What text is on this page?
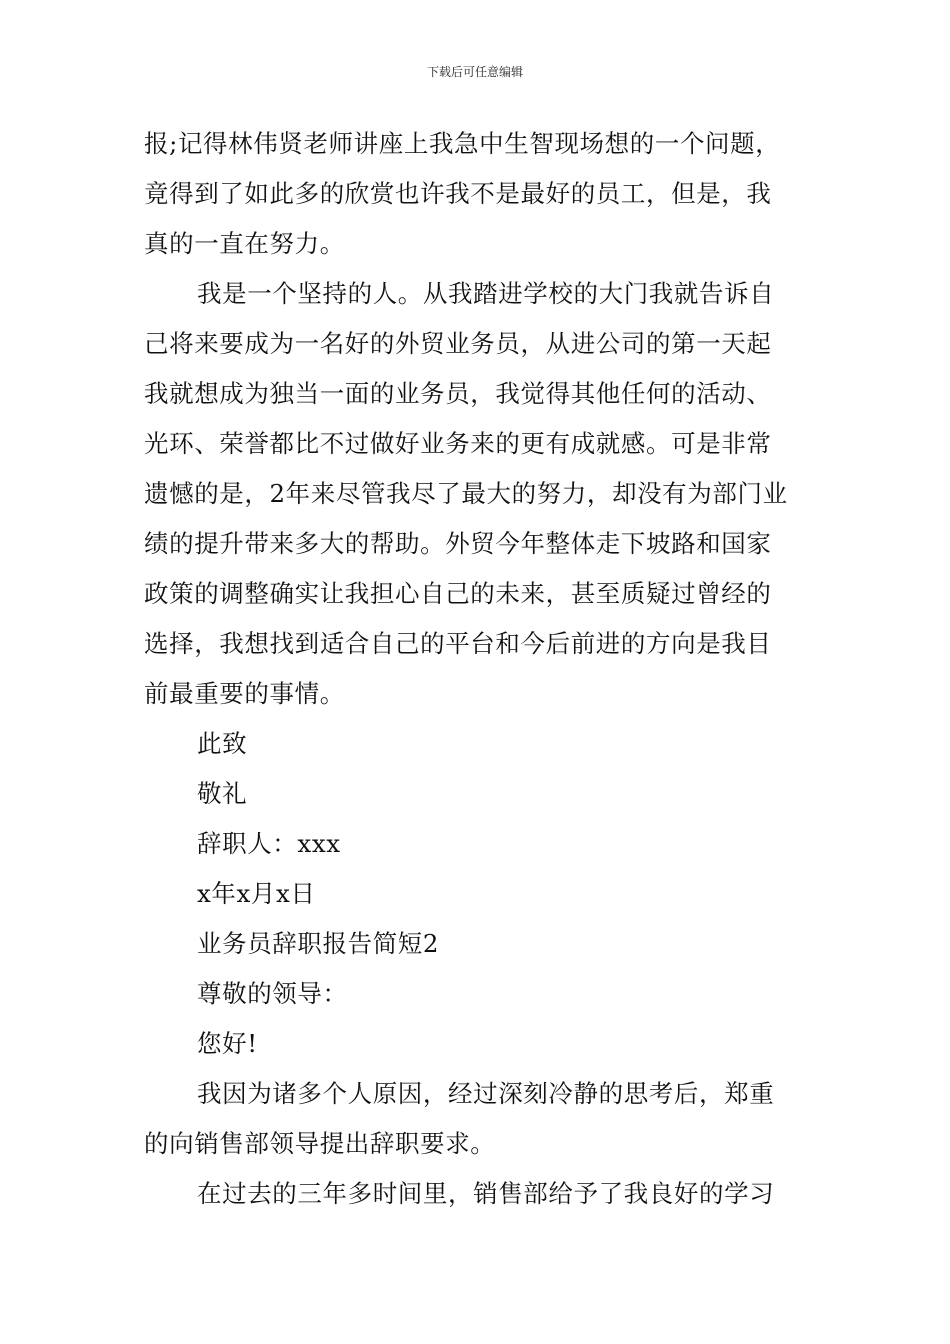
下载后可任意编辑
报;记得林伟贤老师讲座上我急中生智现场想的一个问题，
竟得到了如此多的欣赏也许我不是最好的员工，但是，我
真的一直在努力。
我是一个坚持的人。从我踏进学校的大门我就告诉自
己将来要成为一名好的外贸业务员，从进公司的第一天起
我就想成为独当一面的业务员，我觉得其他任何的活动、
光环、荣誉都比不过做好业务来的更有成就感。可是非常
遗憾的是，2年来尽管我尽了最大的努力，却没有为部门业
绩的提升带来多大的帮助。外贸今年整体走下坡路和国家
政策的调整确实让我担心自己的未来，甚至质疑过曾经的
选择，我想找到适合自己的平台和今后前进的方向是我目
前最重要的事情。
此致
敬礼
辞职人：xxx
x年x月x日
业务员辞职报告简短2
尊敬的领导：
您好!
我因为诸多个人原因，经过深刻冷静的思考后，郑重
的向销售部领导提出辞职要求。
在过去的三年多时间里，销售部给予了我良好的学习
